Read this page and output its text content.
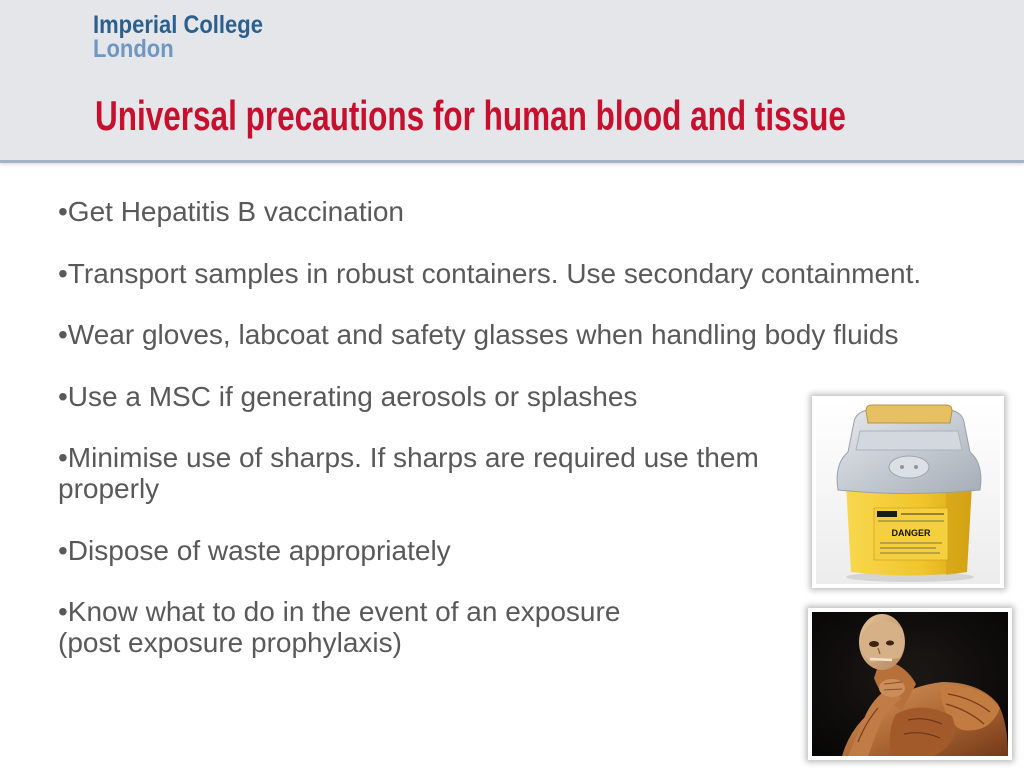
Imperial College
London
Universal precautions for human blood and tissue

•Get Hepatitis B vaccination

•Transport samples in robust containers. Use secondary containment.

•Wear gloves, labcoat and safety glasses when handling body fluids

•Use a MSC if generating aerosols or splashes

•Minimise use of sharps. If sharps are required use them
properly

•Dispose of waste appropriately

•Know what to do in the event of an exposure
(post exposure prophylaxis)

DANGER
